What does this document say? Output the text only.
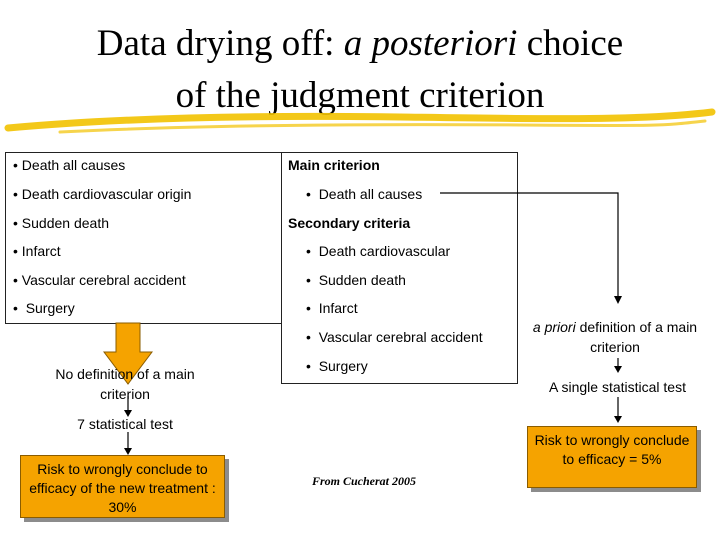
Data drying off: a posteriori choice
of the judgment criterion
• Death all causes
• Death cardiovascular origin
• Sudden death
• Infarct
• Vascular cerebral accident
•  Surgery
Main criterion
•  Death all causes
Secondary criteria
•  Death cardiovascular
•  Sudden death
•  Infarct
•  Vascular cerebral accident
•  Surgery
No definition of a main criterion
7 statistical test
Risk to wrongly conclude to efficacy of the new treatment : 30%
a priori definition of a main criterion
A single statistical test
Risk to wrongly conclude to efficacy = 5%
From Cucherat 2005
